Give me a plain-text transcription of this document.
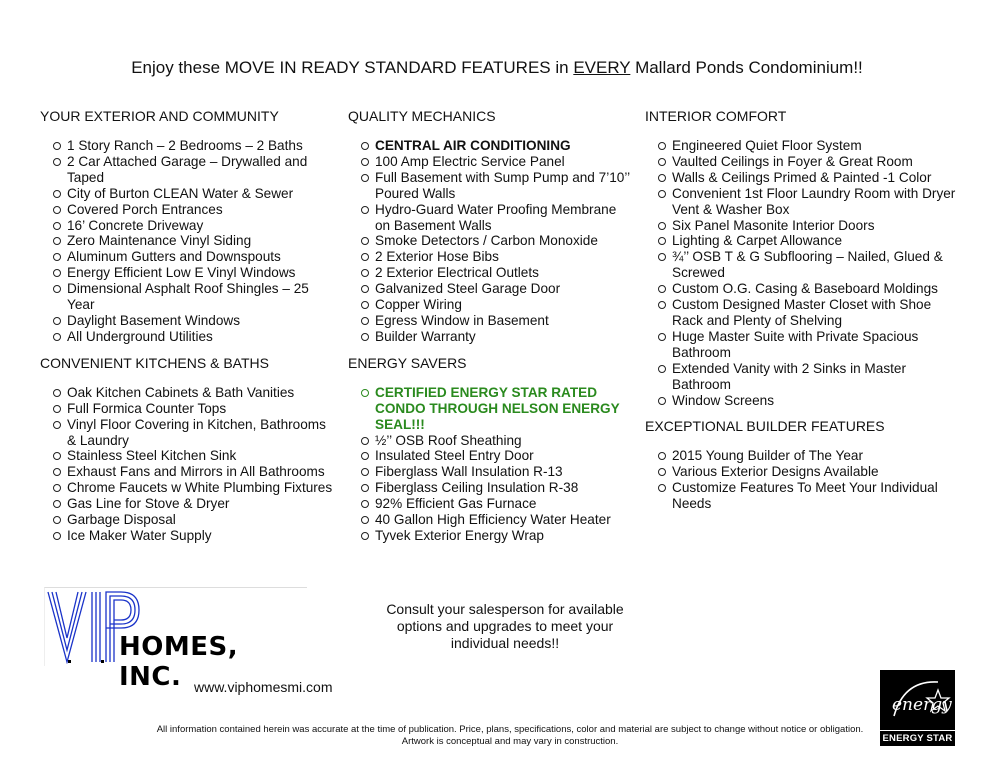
Enjoy these MOVE IN READY STANDARD FEATURES in EVERY Mallard Ponds Condominium!!
YOUR EXTERIOR AND COMMUNITY
1 Story Ranch – 2 Bedrooms – 2 Baths
2 Car Attached Garage – Drywalled and Taped
City of Burton CLEAN Water & Sewer
Covered Porch Entrances
16’ Concrete Driveway
Zero Maintenance Vinyl Siding
Aluminum Gutters and Downspouts
Energy Efficient Low E Vinyl Windows
Dimensional Asphalt Roof Shingles – 25 Year
Daylight Basement Windows
All Underground Utilities
CONVENIENT KITCHENS & BATHS
Oak Kitchen Cabinets & Bath Vanities
Full Formica Counter Tops
Vinyl Floor Covering in Kitchen, Bathrooms & Laundry
Stainless Steel Kitchen Sink
Exhaust Fans and Mirrors in All Bathrooms
Chrome Faucets w White Plumbing Fixtures
Gas Line for Stove & Dryer
Garbage Disposal
Ice Maker Water Supply
QUALITY MECHANICS
CENTRAL AIR CONDITIONING
100 Amp Electric Service Panel
Full Basement with Sump Pump and 7’10’’ Poured Walls
Hydro-Guard Water Proofing Membrane on Basement Walls
Smoke Detectors / Carbon Monoxide
2 Exterior Hose Bibs
2 Exterior Electrical Outlets
Galvanized Steel Garage Door
Copper Wiring
Egress Window in Basement
Builder Warranty
ENERGY SAVERS
CERTIFIED ENERGY STAR RATED CONDO THROUGH NELSON ENERGY SEAL!!!
½’’ OSB Roof Sheathing
Insulated Steel Entry Door
Fiberglass Wall Insulation R-13
Fiberglass Ceiling Insulation R-38
92% Efficient Gas Furnace
40 Gallon High Efficiency Water Heater
Tyvek Exterior Energy Wrap
INTERIOR COMFORT
Engineered Quiet Floor System
Vaulted Ceilings in Foyer & Great Room
Walls & Ceilings Primed & Painted -1 Color
Convenient 1st Floor Laundry Room with Dryer Vent & Washer Box
Six Panel Masonite Interior Doors
Lighting & Carpet Allowance
¾’’ OSB T & G Subflooring – Nailed, Glued & Screwed
Custom O.G. Casing & Baseboard Moldings
Custom Designed Master Closet with Shoe Rack and Plenty of Shelving
Huge Master Suite with Private Spacious Bathroom
Extended Vanity with 2 Sinks in Master Bathroom
Window Screens
EXCEPTIONAL BUILDER FEATURES
2015 Young Builder of The Year
Various Exterior Designs Available
Customize Features To Meet Your Individual Needs
HOMES, INC. www.viphomesmi.com
Consult your salesperson for available options and upgrades to meet your individual needs!!
All information contained herein was accurate at the time of publication. Price, plans, specifications, color and material are subject to change without notice or obligation. Artwork is conceptual and may vary in construction.
energy
ENERGY STAR
